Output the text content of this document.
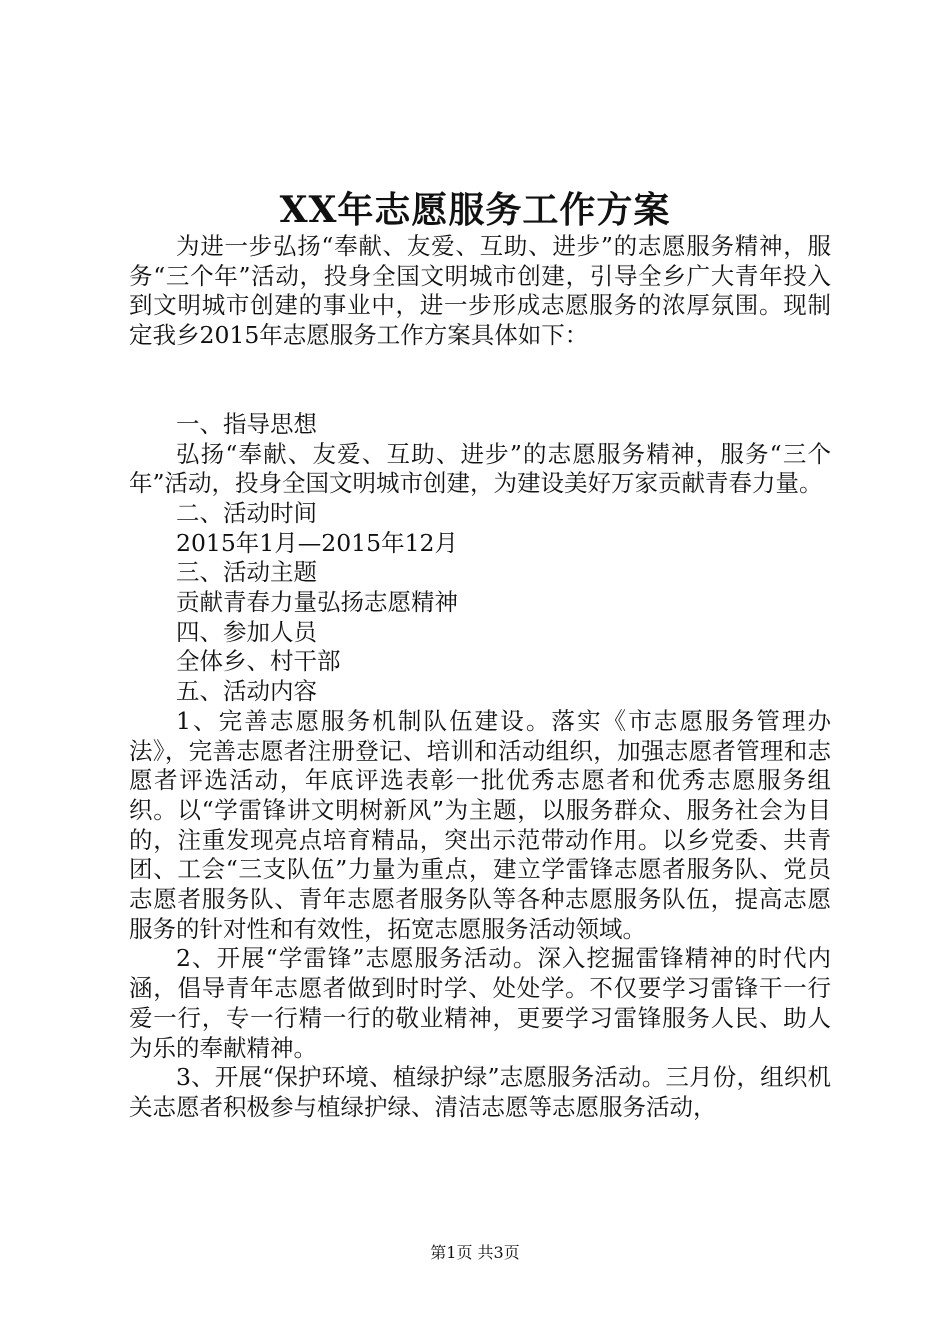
XX年志愿服务工作方案

为进一步弘扬“奉献、友爱、互助、进步”的志愿服务精神，服务“三个年”活动，投身全国文明城市创建，引导全乡广大青年投入到文明城市创建的事业中，进一步形成志愿服务的浓厚氛围。现制定我乡2015年志愿服务工作方案具体如下：

一、指导思想

弘扬“奉献、友爱、互助、进步”的志愿服务精神，服务“三个年”活动，投身全国文明城市创建，为建设美好万家贡献青春力量。

二、活动时间

2015年1月—2015年12月

三、活动主题

贡献青春力量弘扬志愿精神

四、参加人员

全体乡、村干部

五、活动内容

1、完善志愿服务机制队伍建设。落实《市志愿服务管理办法》，完善志愿者注册登记、培训和活动组织，加强志愿者管理和志愿者评选活动，年底评选表彰一批优秀志愿者和优秀志愿服务组织。以“学雷锋讲文明树新风”为主题，以服务群众、服务社会为目的，注重发现亮点培育精品，突出示范带动作用。以乡党委、共青团、工会“三支队伍”力量为重点，建立学雷锋志愿者服务队、党员志愿者服务队、青年志愿者服务队等各种志愿服务队伍，提高志愿服务的针对性和有效性，拓宽志愿服务活动领域。

2、开展“学雷锋”志愿服务活动。深入挖掘雷锋精神的时代内涵，倡导青年志愿者做到时时学、处处学。不仅要学习雷锋干一行爱一行，专一行精一行的敬业精神，更要学习雷锋服务人民、助人为乐的奉献精神。

3、开展“保护环境、植绿护绿”志愿服务活动。三月份，组织机关志愿者积极参与植绿护绿、清洁志愿等志愿服务活动，

第1页 共3页
